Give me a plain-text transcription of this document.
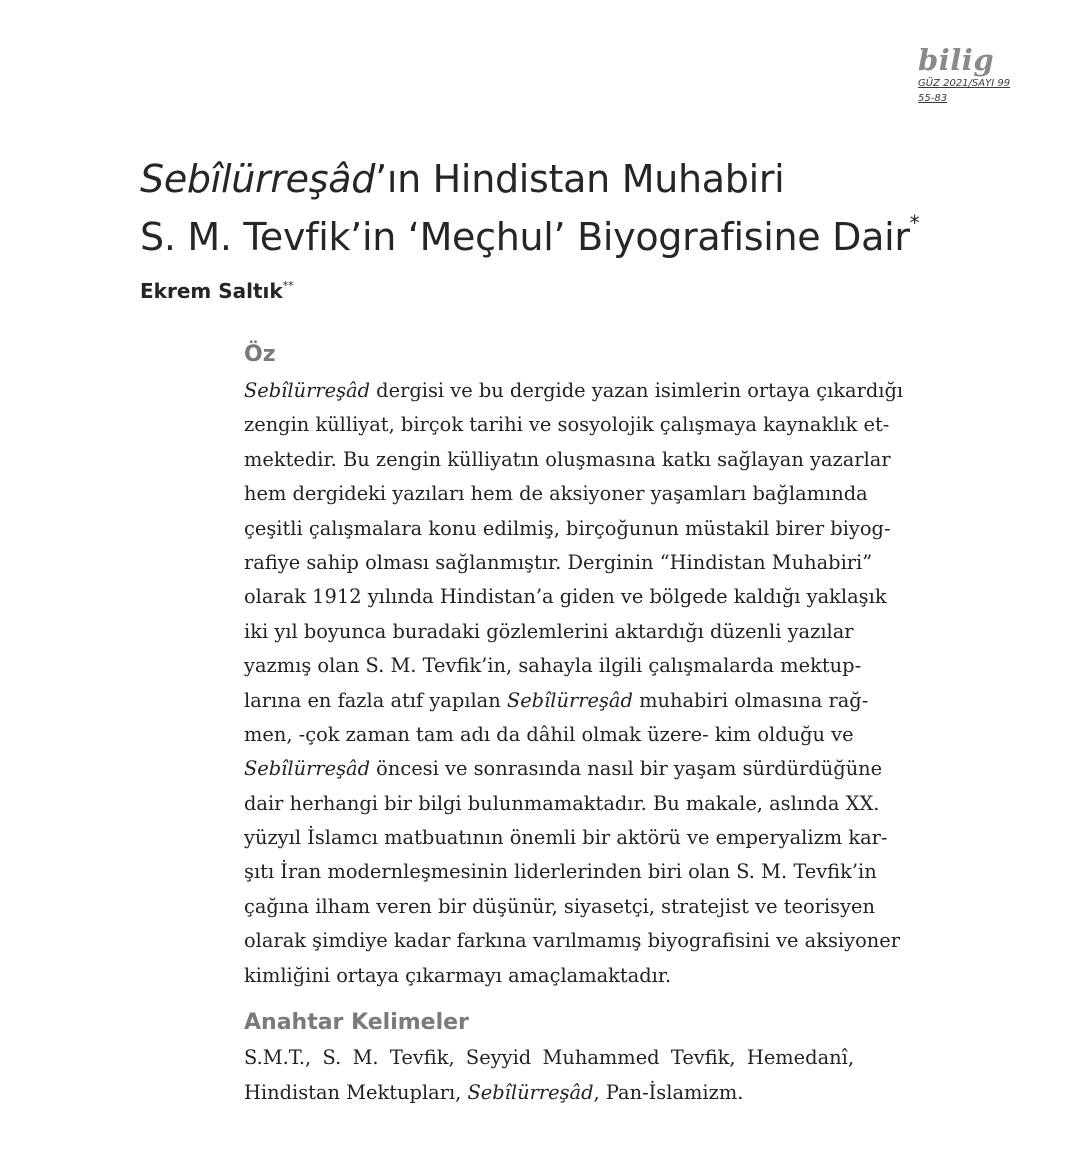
bilig
GÜZ 2021/SAYI 99
55-83
Sebîlürreşâd’ın Hindistan Muhabiri
S. M. Tevfik’in ‘Meçhul’ Biyografisine Dair*
Ekrem Saltık**
Öz
Sebîlürreşâd dergisi ve bu dergide yazan isimlerin ortaya çıkardığı
zengin külliyat, birçok tarihi ve sosyolojik çalışmaya kaynaklık et-
mektedir. Bu zengin külliyatın oluşmasına katkı sağlayan yazarlar
hem dergideki yazıları hem de aksiyoner yaşamları bağlamında
çeşitli çalışmalara konu edilmiş, birçoğunun müstakil birer biyog-
rafiye sahip olması sağlanmıştır. Derginin “Hindistan Muhabiri”
olarak 1912 yılında Hindistan’a giden ve bölgede kaldığı yaklaşık
iki yıl boyunca buradaki gözlemlerini aktardığı düzenli yazılar
yazmış olan S. M. Tevfik’in, sahayla ilgili çalışmalarda mektup-
larına en fazla atıf yapılan Sebîlürreşâd muhabiri olmasına rağ-
men, -çok zaman tam adı da dâhil olmak üzere- kim olduğu ve
Sebîlürreşâd öncesi ve sonrasında nasıl bir yaşam sürdürdüğüne
dair herhangi bir bilgi bulunmamaktadır. Bu makale, aslında XX.
yüzyıl İslamcı matbuatının önemli bir aktörü ve emperyalizm kar-
şıtı İran modernleşmesinin liderlerinden biri olan S. M. Tevfik’in
çağına ilham veren bir düşünür, siyasetçi, stratejist ve teorisyen
olarak şimdiye kadar farkına varılmamış biyografisini ve aksiyoner
kimliğini ortaya çıkarmayı amaçlamaktadır.
Anahtar Kelimeler
S.M.T., S. M. Tevfik, Seyyid Muhammed Tevfik, Hemedanî,
Hindistan Mektupları, Sebîlürreşâd, Pan-İslamizm.
